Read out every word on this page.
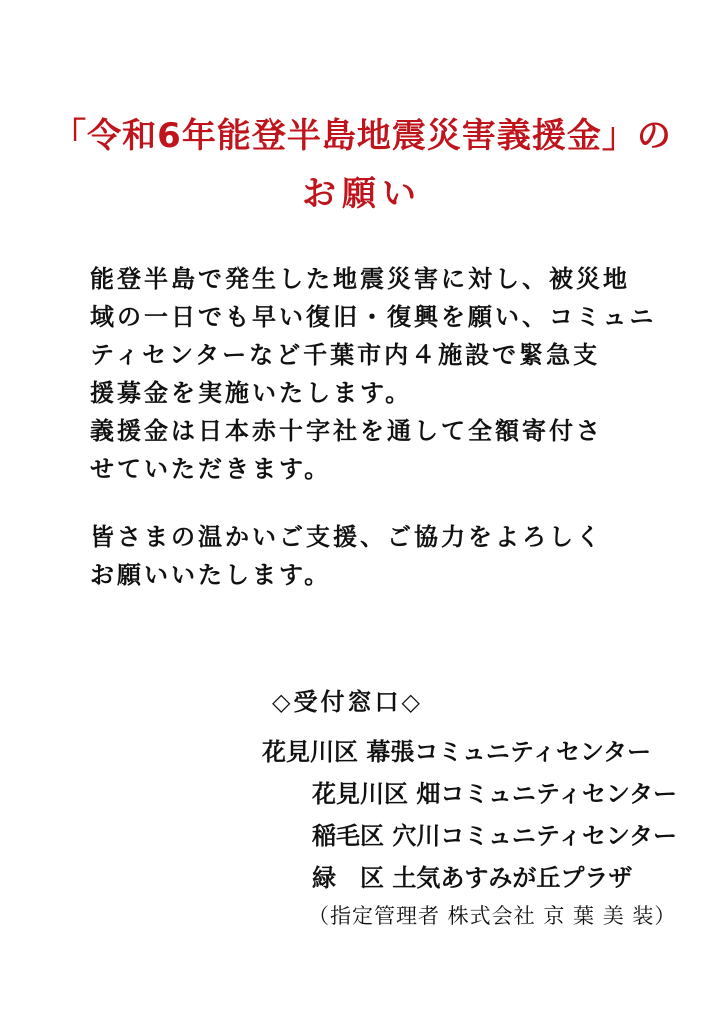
「令和6年能登半島地震災害義援金」の
お願い

能登半島で発生した地震災害に対し、被災地

域の一日でも早い復旧・復興を願い、コミュニ

ティセンターなど千葉市内４施設で緊急支

援募金を実施いたします。

義援金は日本赤十字社を通して全額寄付さ

せていただきます。

皆さまの温かいご支援、ご協力をよろしく

お願いいたします。

◇受付窓口◇
花見川区 幕張コミュニティセンター
花見川区 畑コミュニティセンター
稲毛区 穴川コミュニティセンター
緑　区 土気あすみが丘プラザ
（指定管理者 株式会社 京 葉 美 装）
